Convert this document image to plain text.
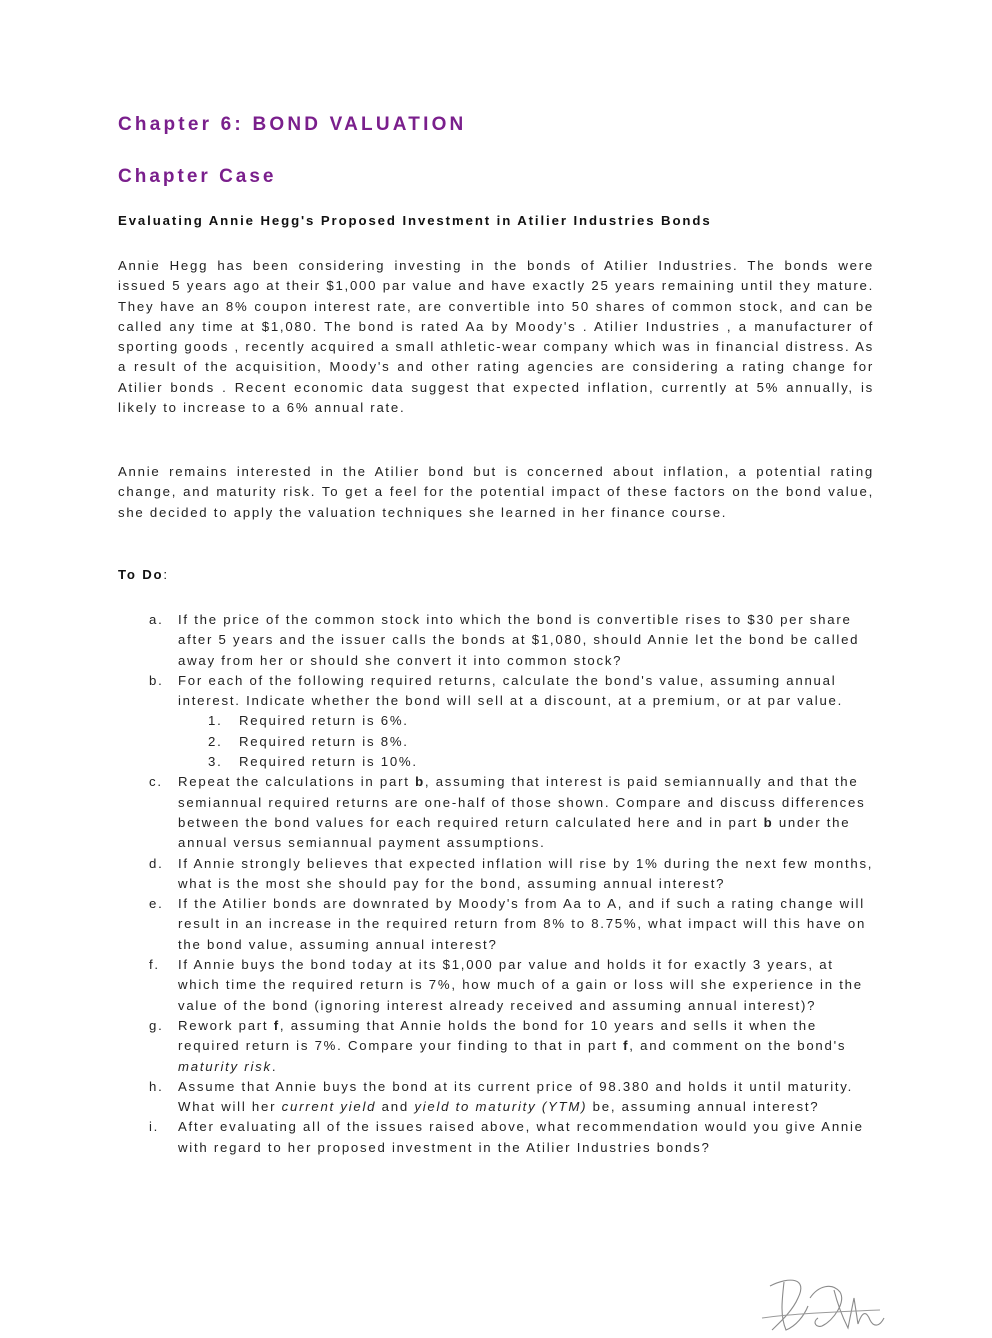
Chapter 6: BOND VALUATION
Chapter Case
Evaluating Annie Hegg's Proposed Investment in Atilier Industries Bonds

Annie Hegg has been considering investing in the bonds of Atilier Industries. The bonds were issued 5 years ago at their $1,000 par value and have exactly 25 years remaining until they mature. They have an 8% coupon interest rate, are convertible into 50 shares of common stock, and can be called any time at $1,080. The bond is rated Aa by Moody's . Atilier Industries , a manufacturer of sporting goods , recently acquired a small athletic-wear company which was in financial distress. As a result of the acquisition, Moody's and other rating agencies are considering a rating change for Atilier bonds . Recent economic data suggest that expected inflation, currently at 5% annually, is likely to increase to a 6% annual rate.

Annie remains interested in the Atilier bond but is concerned about inflation, a potential rating change, and maturity risk. To get a feel for the potential impact of these factors on the bond value, she decided to apply the valuation techniques she learned in her finance course.

To Do:
a. If the price of the common stock into which the bond is convertible rises to $30 per share after 5 years and the issuer calls the bonds at $1,080, should Annie let the bond be called away from her or should she convert it into common stock?
b. For each of the following required returns, calculate the bond's value, assuming annual interest. Indicate whether the bond will sell at a discount, at a premium, or at par value.
1. Required return is 6%.
2. Required return is 8%.
3. Required return is 10%.
c. Repeat the calculations in part b, assuming that interest is paid semiannually and that the semiannual required returns are one-half of those shown. Compare and discuss differences between the bond values for each required return calculated here and in part b under the annual versus semiannual payment assumptions.
d. If Annie strongly believes that expected inflation will rise by 1% during the next few months, what is the most she should pay for the bond, assuming annual interest?
e. If the Atilier bonds are downrated by Moody's from Aa to A, and if such a rating change will result in an increase in the required return from 8% to 8.75%, what impact will this have on the bond value, assuming annual interest?
f. If Annie buys the bond today at its $1,000 par value and holds it for exactly 3 years, at which time the required return is 7%, how much of a gain or loss will she experience in the value of the bond (ignoring interest already received and assuming annual interest)?
g. Rework part f, assuming that Annie holds the bond for 10 years and sells it when the required return is 7%. Compare your finding to that in part f, and comment on the bond's maturity risk.
h. Assume that Annie buys the bond at its current price of 98.380 and holds it until maturity. What will her current yield and yield to maturity (YTM) be, assuming annual interest?
i. After evaluating all of the issues raised above, what recommendation would you give Annie with regard to her proposed investment in the Atilier Industries bonds?
